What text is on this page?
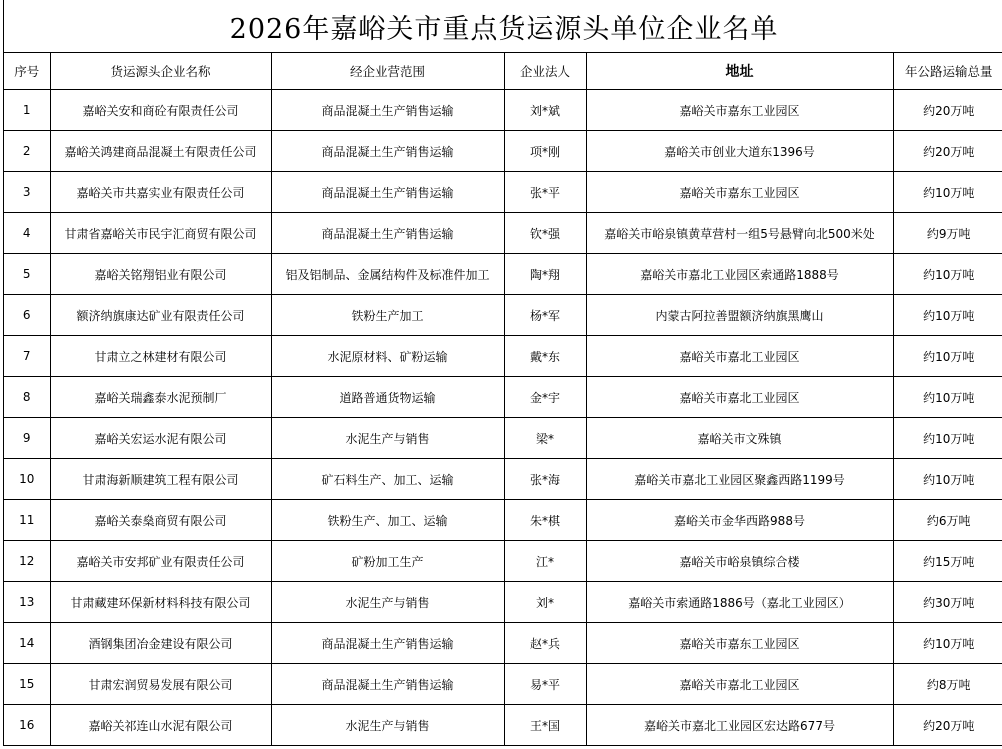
2026年嘉峪关市重点货运源头单位企业名单
序号	货运源头企业名称	经企业营范围	企业法人	地址	年公路运输总量
1	嘉峪关安和商砼有限责任公司	商品混凝土生产销售运输	刘*斌	嘉峪关市嘉东工业园区	约20万吨
2	嘉峪关鸿建商品混凝土有限责任公司	商品混凝土生产销售运输	项*刚	嘉峪关市创业大道东1396号	约20万吨
3	嘉峪关市共嘉实业有限责任公司	商品混凝土生产销售运输	张*平	嘉峪关市嘉东工业园区	约10万吨
4	甘肃省嘉峪关市民宇汇商贸有限公司	商品混凝土生产销售运输	钦*强	嘉峪关市峪泉镇黄草营村一组5号悬臂向北500米处	约9万吨
5	嘉峪关铭翔铝业有限公司	铝及铝制品、金属结构件及标准件加工	陶*翔	嘉峪关市嘉北工业园区索通路1888号	约10万吨
6	额济纳旗康达矿业有限责任公司	铁粉生产加工	杨*军	内蒙古阿拉善盟额济纳旗黑鹰山	约10万吨
7	甘肃立之林建材有限公司	水泥原材料、矿粉运输	戴*东	嘉峪关市嘉北工业园区	约10万吨
8	嘉峪关瑞鑫泰水泥预制厂	道路普通货物运输	金*宇	嘉峪关市嘉北工业园区	约10万吨
9	嘉峪关宏运水泥有限公司	水泥生产与销售	梁*	嘉峪关市文殊镇	约10万吨
10	甘肃海新顺建筑工程有限公司	矿石料生产、加工、运输	张*海	嘉峪关市嘉北工业园区聚鑫西路1199号	约10万吨
11	嘉峪关泰燊商贸有限公司	铁粉生产、加工、运输	朱*棋	嘉峪关市金华西路988号	约6万吨
12	嘉峪关市安邦矿业有限责任公司	矿粉加工生产	江*	嘉峪关市峪泉镇综合楼	约15万吨
13	甘肃藏建环保新材料科技有限公司	水泥生产与销售	刘*	嘉峪关市索通路1886号（嘉北工业园区）	约30万吨
14	酒钢集团冶金建设有限公司	商品混凝土生产销售运输	赵*兵	嘉峪关市嘉东工业园区	约10万吨
15	甘肃宏润贸易发展有限公司	商品混凝土生产销售运输	易*平	嘉峪关市嘉北工业园区	约8万吨
16	嘉峪关祁连山水泥有限公司	水泥生产与销售	王*国	嘉峪关市嘉北工业园区宏达路677号	约20万吨
